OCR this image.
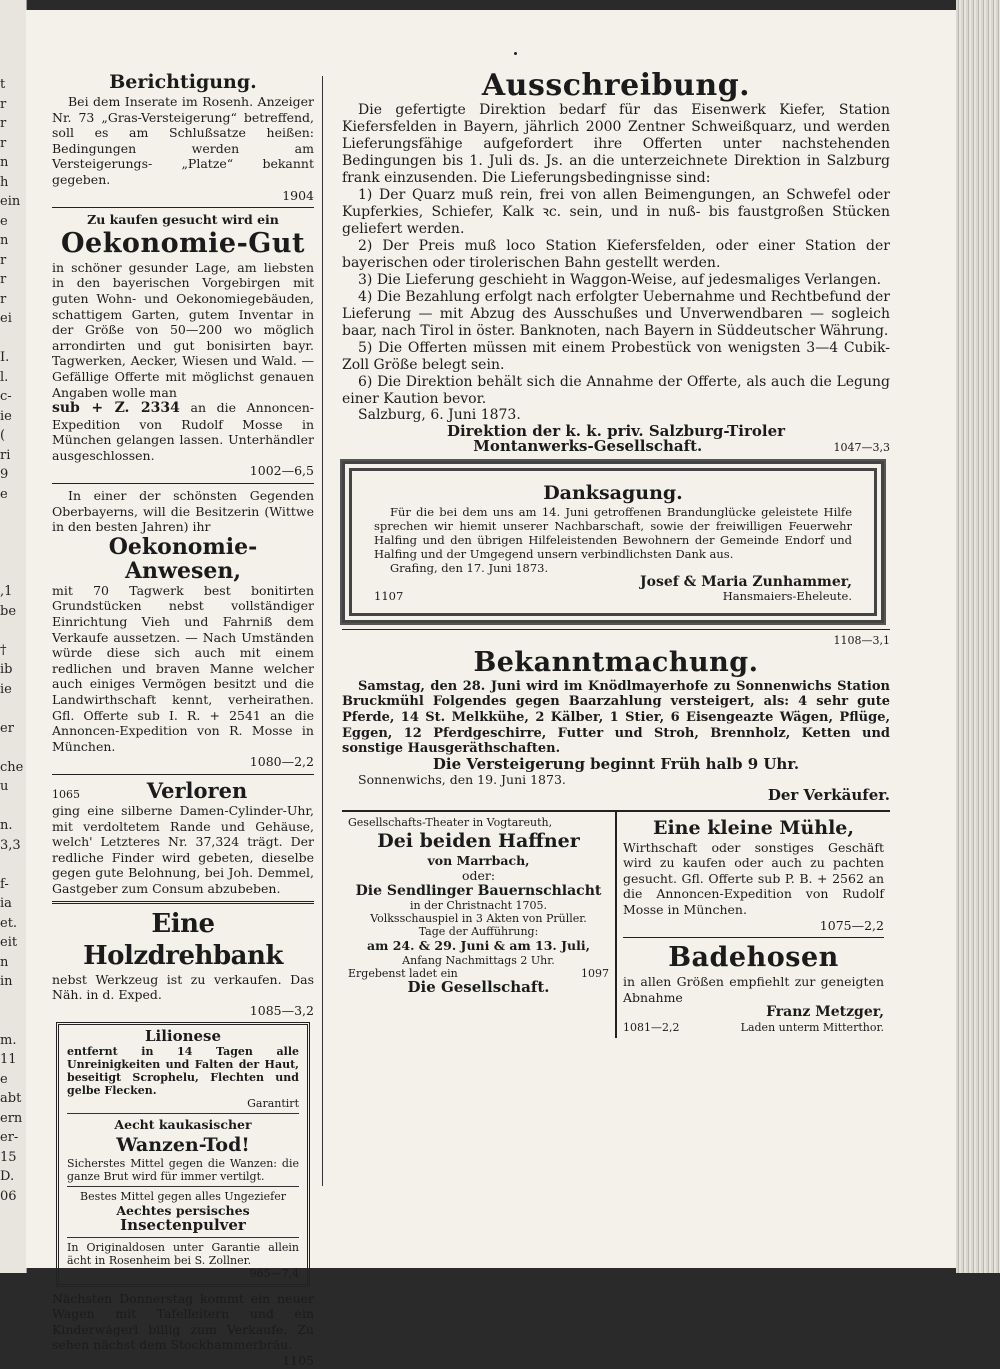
t
r
r
r
n
h
ein
e
n
r
r
r
ei
I.
l.
c-
ie
(
ri
9
e
,1
be
†
ib
ie
er
che
u
n.
3,3
f-
ia
et.
eit
n
in
m.
11
e
abt
ern
er-
15
D.
06
Berichtigung.
Bei dem Inserate im Rosenh. Anzeiger Nr. 73 „Gras-Versteigerung“ betreffend, soll es am Schlußsatze heißen: Bedingungen werden am Versteigerungs- „Platze“ bekannt gegeben.
1904
Zu kaufen gesucht wird ein
Oekonomie-Gut
in schöner gesunder Lage, am liebsten in den bayerischen Vorgebirgen mit guten Wohn- und Oekonomiegebäuden, schattigem Garten, gutem Inventar in der Größe von 50—200 wo möglich arrondirten und gut bonisirten bayr. Tagwerken, Aecker, Wiesen und Wald. — Gefällige Offerte mit möglichst genauen Angaben wolle man
sub + Z. 2334 an die Annoncen-Expedition von Rudolf Mosse in München gelangen lassen. Unterhändler ausgeschlossen.
1002—6,5
In einer der schönsten Gegenden Oberbayerns, will die Besitzerin (Wittwe in den besten Jahren) ihr
Oekonomie-Anwesen,
mit 70 Tagwerk best bonitirten Grundstücken nebst vollständiger Einrichtung Vieh und Fahrniß dem Verkaufe aussetzen. — Nach Umständen würde diese sich auch mit einem redlichen und braven Manne welcher auch einiges Vermögen besitzt und die Landwirthschaft kennt, verheirathen. Gfl. Offerte sub I. R. + 2541 an die Annoncen-Expedition von R. Mosse in München.
1080—2,2
1065	Verloren
ging eine silberne Damen-Cylinder-Uhr, mit verdoltetem Rande und Gehäuse, welch' Letzteres Nr. 37,324 trägt. Der redliche Finder wird gebeten, dieselbe gegen gute Belohnung, bei Joh. Demmel, Gastgeber zum Consum abzubeben.
Eine Holzdrehbank
nebst Werkzeug ist zu verkaufen. Das Näh. in d. Exped.
1085—3,2
Lilionese
entfernt in 14 Tagen alle Unreinigkeiten und Falten der Haut, beseitigt Scrophelu, Flechten und gelbe Flecken.
Garantirt
Aecht kaukasischer
Wanzen-Tod!
Sicherstes Mittel gegen die Wanzen: die ganze Brut wird für immer vertilgt.
Bestes Mittel gegen alles Ungeziefer
Aechtes persisches
Insectenpulver
In Originaldosen unter Garantie allein ächt in Rosenheim bei S. Zollner.
965—7,4
Nächsten Donnerstag kommt ein neuer Wagen mit Tafelleitern und ein Kinderwägerl billig zum Verkaufe. Zu sehen nächst dem Stockhammerbräu.
1105
Ausschreibung.
Die gefertigte Direktion bedarf für das Eisenwerk Kiefer, Station Kiefersfelden in Bayern, jährlich 2000 Zentner Schweißquarz, und werden Lieferungsfähige aufgefordert ihre Offerten unter nachstehenden Bedingungen bis 1. Juli ds. Js. an die unterzeichnete Direktion in Salzburg frank einzusenden. Die Lieferungsbedingnisse sind:
1) Der Quarz muß rein, frei von allen Beimengungen, an Schwefel oder Kupferkies, Schiefer, Kalk ꝛc. sein, und in nuß- bis faustgroßen Stücken geliefert werden.
2) Der Preis muß loco Station Kiefersfelden, oder einer Station der bayerischen oder tirolerischen Bahn gestellt werden.
3) Die Lieferung geschieht in Waggon-Weise, auf jedesmaliges Verlangen.
4) Die Bezahlung erfolgt nach erfolgter Uebernahme und Rechtbefund der Lieferung — mit Abzug des Ausschußes und Unverwendbaren — sogleich baar, nach Tirol in öster. Banknoten, nach Bayern in Süddeutscher Währung.
5) Die Offerten müssen mit einem Probestück von wenigsten 3—4 Cubik-Zoll Größe belegt sein.
6) Die Direktion behält sich die Annahme der Offerte, als auch die Legung einer Kaution bevor.
Salzburg, 6. Juni 1873.
Direktion der k. k. priv. Salzburg-Tiroler
Montanwerks-Gesellschaft.	1047—3,3
Danksagung.
Für die bei dem uns am 14. Juni getroffenen Brandunglücke geleistete Hilfe sprechen wir hiemit unserer Nachbarschaft, sowie der freiwilligen Feuerwehr Halfing und den übrigen Hilfeleistenden Bewohnern der Gemeinde Endorf und Halfing und der Umgegend unsern verbindlichsten Dank aus.
Grafing, den 17. Juni 1873.
Josef & Maria Zunhammer,
1107	Hansmaiers-Eheleute.
1108—3,1
Bekanntmachung.
Samstag, den 28. Juni wird im Knödlmayerhofe zu Sonnenwichs Station Bruckmühl Folgendes gegen Baarzahlung versteigert, als: 4 sehr gute Pferde, 14 St. Melkkühe, 2 Kälber, 1 Stier, 6 Eisengeazte Wägen, Pflüge, Eggen, 12 Pferdgeschirre, Futter und Stroh, Brennholz, Ketten und sonstige Hausgeräthschaften.
Die Versteigerung beginnt Früh halb 9 Uhr.
Sonnenwichs, den 19. Juni 1873.
Der Verkäufer.
Gesellschafts-Theater in Vogtareuth,
Dei beiden Haffner
von Marrbach,
oder:
Die Sendlinger Bauernschlacht
in der Christnacht 1705.
Volksschauspiel in 3 Akten von Prüller.
Tage der Aufführung:
am 24. & 29. Juni & am 13. Juli,
Anfang Nachmittags 2 Uhr.
Ergebenst ladet ein	1097
Die Gesellschaft.
Eine kleine Mühle,
Wirthschaft oder sonstiges Geschäft wird zu kaufen oder auch zu pachten gesucht. Gfl. Offerte sub P. B. + 2562 an die Annoncen-Expedition von Rudolf Mosse in München.
1075—2,2
Badehosen
in allen Größen empfiehlt zur geneigten Abnahme
Franz Metzger,
1081—2,2	Laden unterm Mitterthor.
